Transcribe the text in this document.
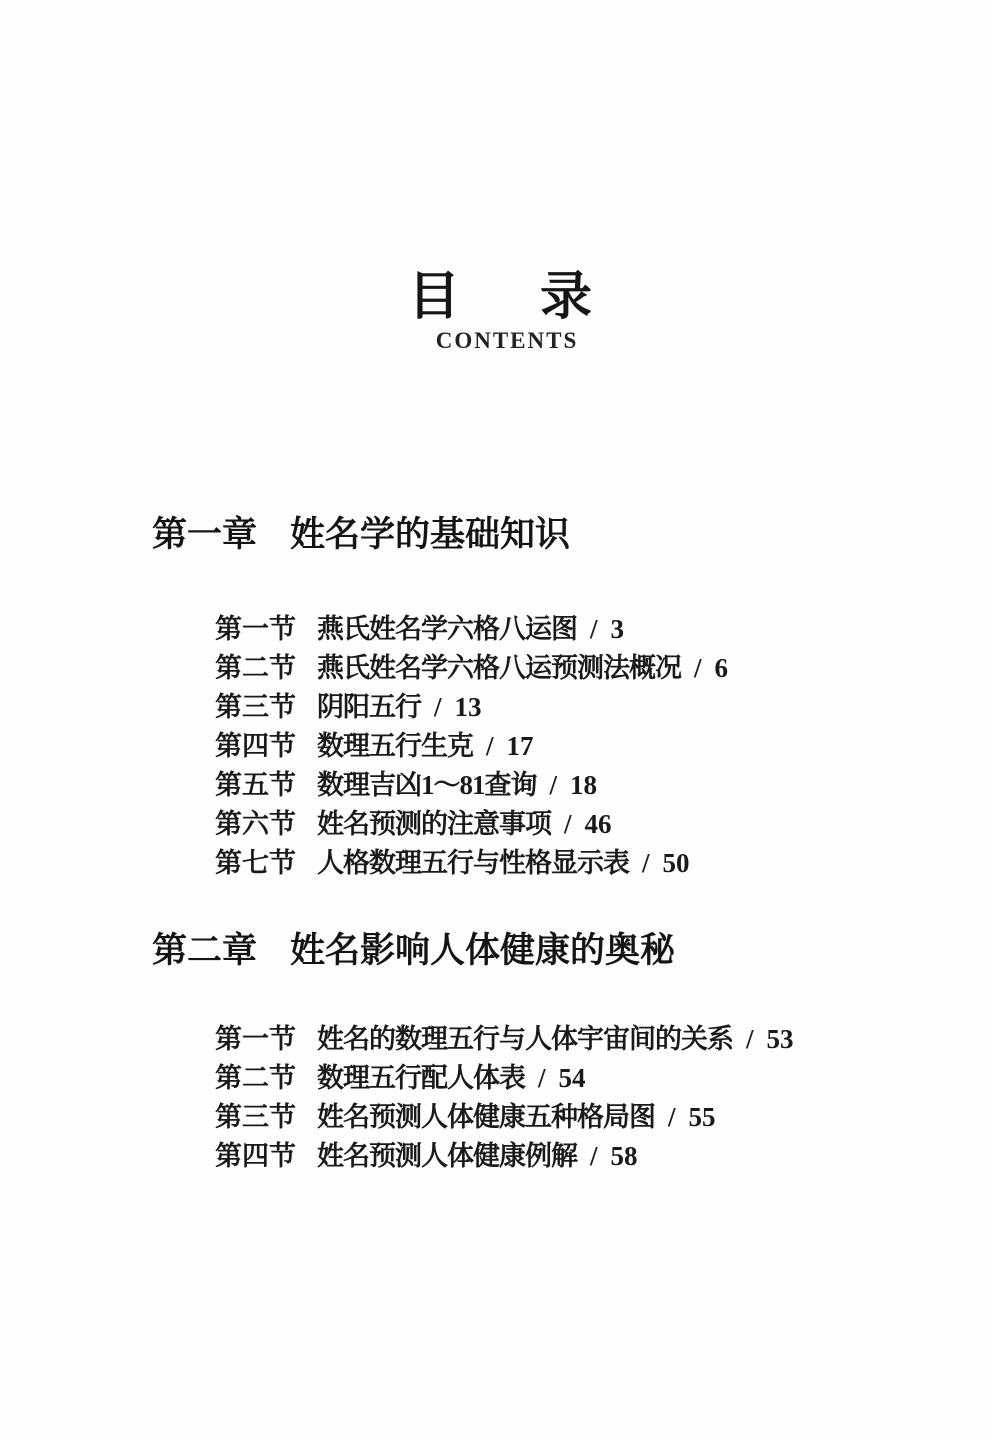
目　录
CONTENTS
第一章 姓名学的基础知识
第一节 燕氏姓名学六格八运图 / 3
第二节 燕氏姓名学六格八运预测法概况 / 6
第三节 阴阳五行 / 13
第四节 数理五行生克 / 17
第五节 数理吉凶1～81查询 / 18
第六节 姓名预测的注意事项 / 46
第七节 人格数理五行与性格显示表 / 50
第二章 姓名影响人体健康的奥秘
第一节 姓名的数理五行与人体宇宙间的关系 / 53
第二节 数理五行配人体表 / 54
第三节 姓名预测人体健康五种格局图 / 55
第四节 姓名预测人体健康例解 / 58
